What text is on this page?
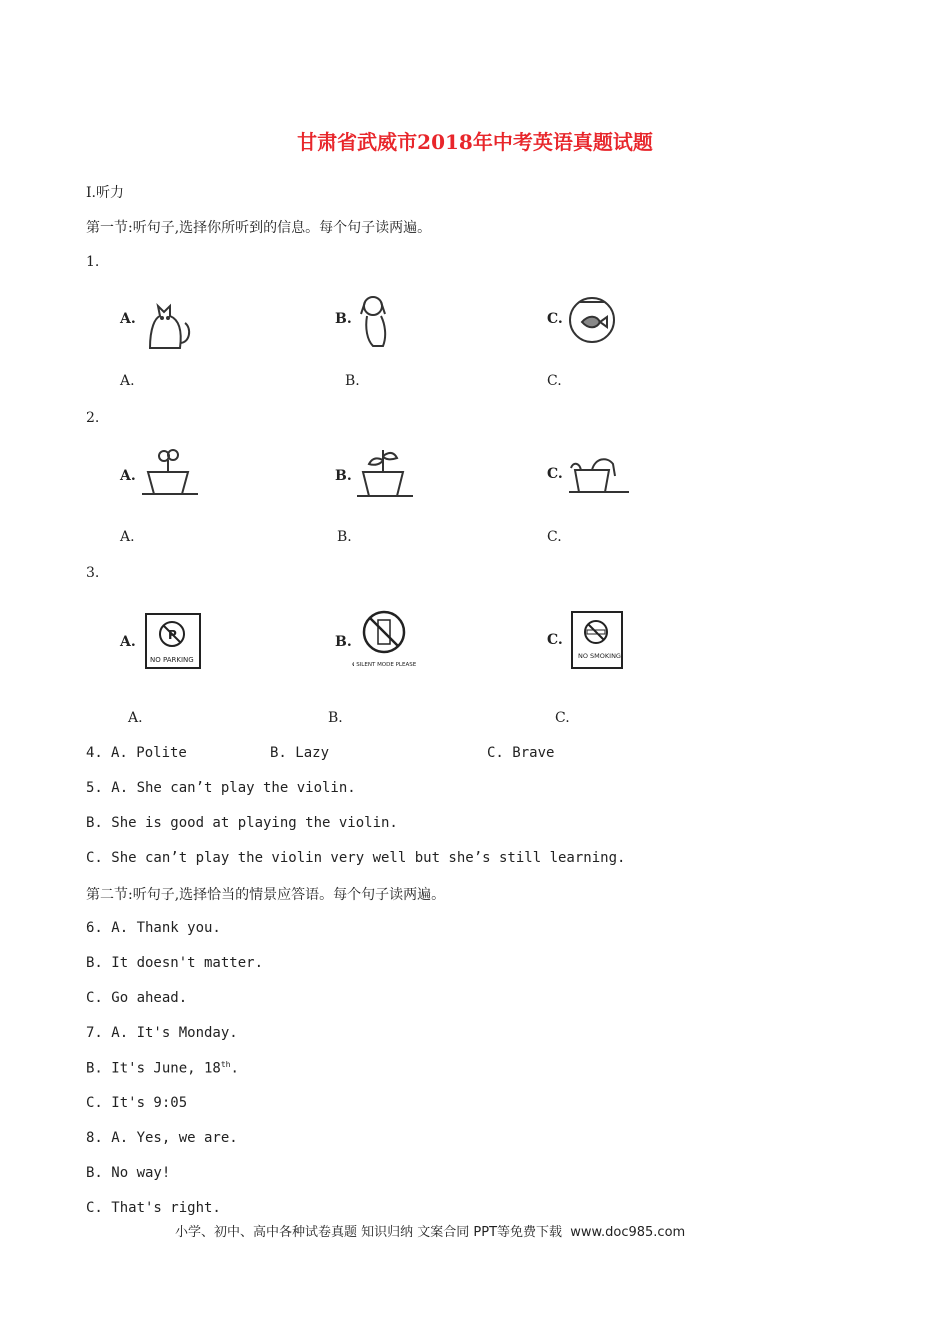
甘肃省武威市2018年中考英语真题试题
I.听力
第一节:听句子,选择你所听到的信息。每个句子读两遍。
1.
A.	B.	C.
A.	B.	C.
2.
A.	B.	C.
A.	B.	C.
3.
A.	P
NO PARKING
B.
ON SILENT MODE PLEASE
C.
NO SMOKING
A.	B.	C.
4. A. Polite	B. Lazy	C. Brave
5. A. She can’t play the violin.
B. She is good at playing the violin.
C. She can’t play the violin very well but she’s still learning.
第二节:听句子,选择恰当的情景应答语。每个句子读两遍。
6. A. Thank you.
B. It doesn't matter.
C. Go ahead.
7. A. It's Monday.
B. It's June, 18th.
C. It's 9:05
8. A. Yes, we are.
B. No way!
C. That's right.
小学、初中、高中各种试卷真题 知识归纳 文案合同 PPT等免费下载  www.doc985.com
